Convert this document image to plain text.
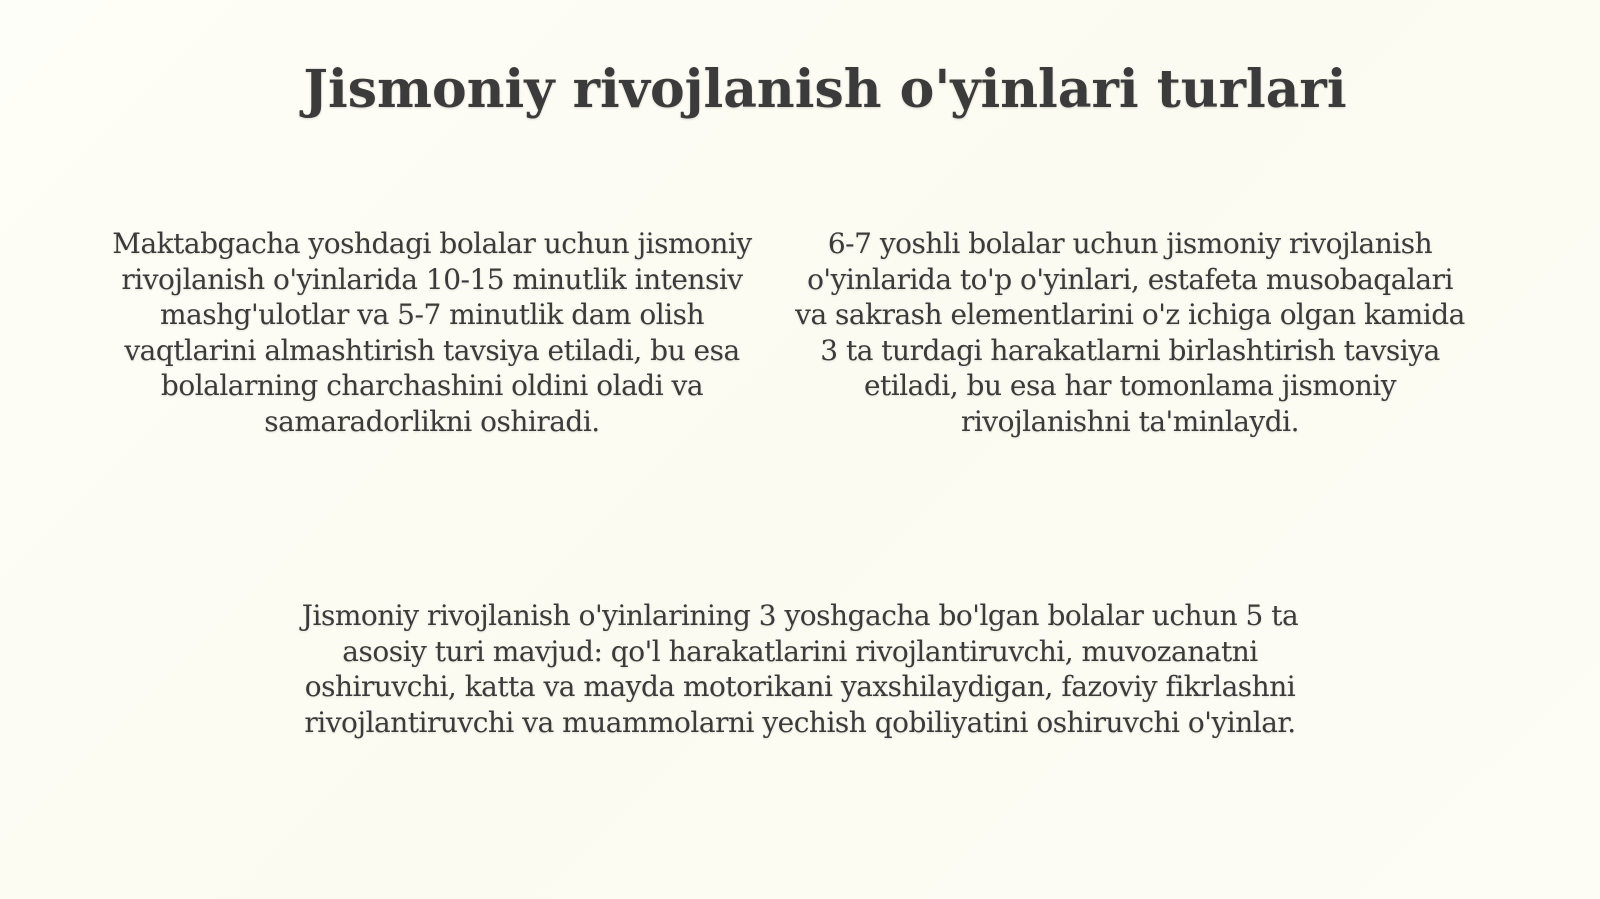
Jismoniy rivojlanish o'yinlari turlari

Maktabgacha yoshdagi bolalar uchun jismoniy rivojlanish o'yinlarida 10-15 minutlik intensiv mashg'ulotlar va 5-7 minutlik dam olish vaqtlarini almashtirish tavsiya etiladi, bu esa bolalarning charchashini oldini oladi va samaradorlikni oshiradi.

6-7 yoshli bolalar uchun jismoniy rivojlanish o'yinlarida to'p o'yinlari, estafeta musobaqalari va sakrash elementlarini o'z ichiga olgan kamida 3 ta turdagi harakatlarni birlashtirish tavsiya etiladi, bu esa har tomonlama jismoniy rivojlanishni ta'minlaydi.

Jismoniy rivojlanish o'yinlarining 3 yoshgacha bo'lgan bolalar uchun 5 ta asosiy turi mavjud: qo'l harakatlarini rivojlantiruvchi, muvozanatni oshiruvchi, katta va mayda motorikani yaxshilaydigan, fazoviy fikrlashni rivojlantiruvchi va muammolarni yechish qobiliyatini oshiruvchi o'yinlar.
